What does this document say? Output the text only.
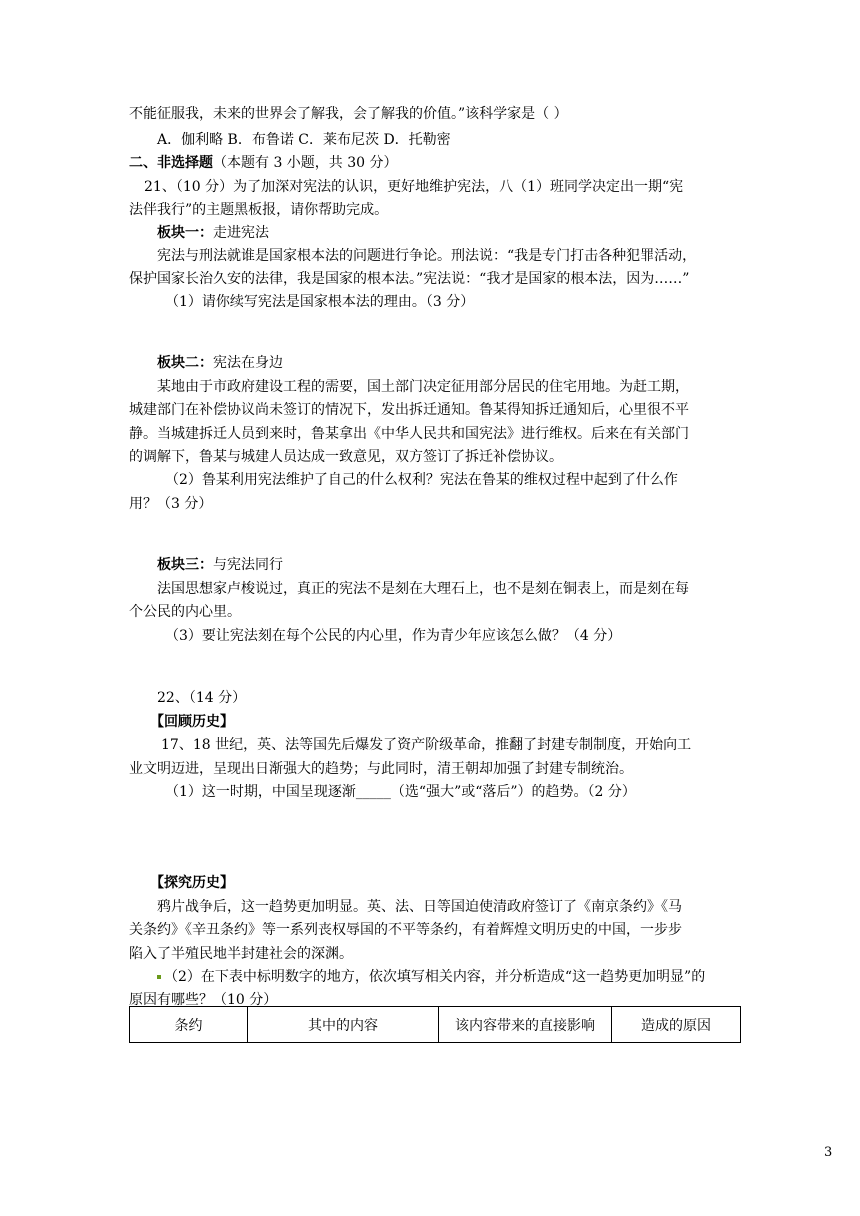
不能征服我，未来的世界会了解我，会了解我的价值。”该科学家是（ ）
A．伽利略 B．布鲁诺 C．莱布尼茨 D．托勒密
二、非选择题（本题有 3 小题，共 30 分）
21、（10 分）为了加深对宪法的认识，更好地维护宪法，八（1）班同学决定出一期“宪
法伴我行”的主题黑板报，请你帮助完成。
板块一：走进宪法
宪法与刑法就谁是国家根本法的问题进行争论。刑法说：“我是专门打击各种犯罪活动，
保护国家长治久安的法律，我是国家的根本法。”宪法说：“我才是国家的根本法，因为……”
（1）请你续写宪法是国家根本法的理由。（3 分）
板块二：宪法在身边
某地由于市政府建设工程的需要，国土部门决定征用部分居民的住宅用地。为赶工期，
城建部门在补偿协议尚未签订的情况下，发出拆迁通知。鲁某得知拆迁通知后，心里很不平
静。当城建拆迁人员到来时，鲁某拿出《中华人民共和国宪法》进行维权。后来在有关部门
的调解下，鲁某与城建人员达成一致意见，双方签订了拆迁补偿协议。
（2）鲁某利用宪法维护了自己的什么权利？宪法在鲁某的维权过程中起到了什么作
用？（3 分）
板块三：与宪法同行
法国思想家卢梭说过，真正的宪法不是刻在大理石上，也不是刻在铜表上，而是刻在每
个公民的内心里。
（3）要让宪法刻在每个公民的内心里，作为青少年应该怎么做？（4 分）
22、（14 分）
【回顾历史】
17、18 世纪，英、法等国先后爆发了资产阶级革命，推翻了封建专制制度，开始向工
业文明迈进，呈现出日渐强大的趋势；与此同时，清王朝却加强了封建专制统治。
（1）这一时期，中国呈现逐渐_____（选“强大”或“落后”）的趋势。（2 分）
【探究历史】
鸦片战争后，这一趋势更加明显。英、法、日等国迫使清政府签订了《南京条约》《马
关条约》《辛丑条约》等一系列丧权辱国的不平等条约，有着辉煌文明历史的中国，一步步
陷入了半殖民地半封建社会的深渊。
（2）在下表中标明数字的地方，依次填写相关内容，并分析造成“这一趋势更加明显”的
原因有哪些？（10 分）
条约	其中的内容	该内容带来的直接影响	造成的原因
3
